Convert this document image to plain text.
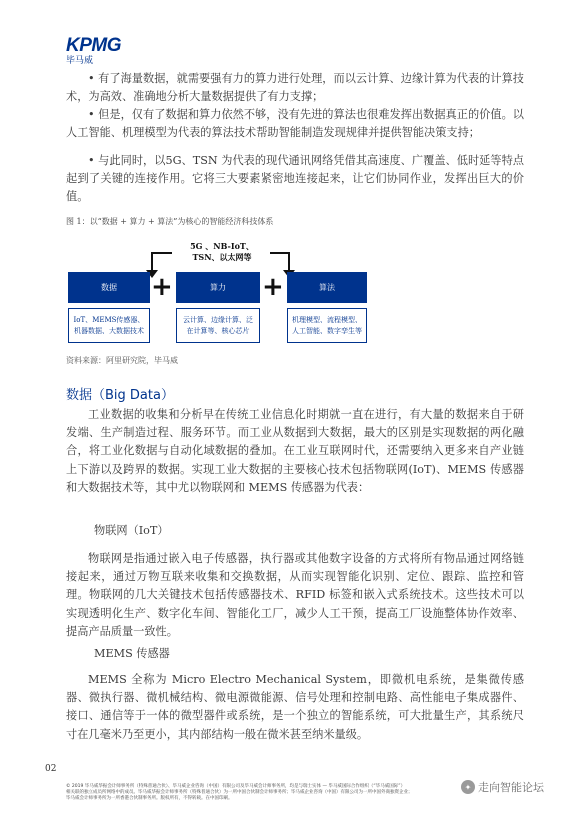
KPMG
毕马威
• 有了海量数据，就需要强有力的算力进行处理，而以云计算、边缘计算为代表的计算技术，为高效、准确地分析大量数据提供了有力支撑；
• 但是，仅有了数据和算力依然不够，没有先进的算法也很难发挥出数据真正的价值。以人工智能、机理模型为代表的算法技术帮助智能制造发现规律并提供智能决策支持；
• 与此同时，以5G、TSN 为代表的现代通讯网络凭借其高速度、广覆盖、低时延等特点起到了关键的连接作用。它将三大要素紧密地连接起来，让它们协同作业，发挥出巨大的价值。
图 1：以“数据 + 算力 + 算法”为核心的智能经济科技体系
5G 、NB-IoT、
TSN、以太网等
数据	算力	算法
+	+
IoT、MEMS传感器、
机器数据、大数据技术
云计算、边缘计算、泛
在计算等、核心芯片
机理模型、流程模型、
人工智能、数字孪生等
资料来源：阿里研究院，毕马威
数据（Big Data）
工业数据的收集和分析早在传统工业信息化时期就一直在进行，有大量的数据来自于研发端、生产制造过程、服务环节。而工业从数据到大数据，最大的区别是实现数据的两化融合，将工业化数据与自动化域数据的叠加。在工业互联网时代，还需要纳入更多来自产业链上下游以及跨界的数据。实现工业大数据的主要核心技术包括物联网(IoT)、MEMS 传感器和大数据技术等，其中尤以物联网和 MEMS 传感器为代表：
物联网（IoT）
物联网是指通过嵌入电子传感器，执行器或其他数字设备的方式将所有物品通过网络链接起来，通过万物互联来收集和交换数据，从而实现智能化识别、定位、跟踪、监控和管理。物联网的几大关键技术包括传感器技术、RFID 标签和嵌入式系统技术。这些技术可以实现透明化生产、数字化车间、智能化工厂，减少人工干预，提高工厂设施整体协作效率、提高产品质量一致性。
MEMS 传感器
MEMS 全称为 Micro Electro Mechanical System，即微机电系统，是集微传感器、微执行器、微机械结构、微电源微能源、信号处理和控制电路、高性能电子集成器件、接口、通信等于一体的微型器件或系统，是一个独立的智能系统，可大批量生产，其系统尺寸在几毫米乃至更小，其内部结构一般在微米甚至纳米量级。
02
© 2019 毕马威华振会计师事务所（特殊普通合伙）、毕马威企业咨询（中国）有限公司及毕马威会计师事务所，均是与瑞士实体 — 毕马威国际合作组织（“毕马威国际”）
相关联的独立成员所网络中的成员。毕马威华振会计师事务所（特殊普通合伙）为一所中国合伙制会计师事务所；毕马威企业咨询（中国）有限公司为一所中国外商独资企业；
毕马威会计师事务所为一所香港合伙制事务所。版权所有，不得转载。在中国印刷。
✦ 走向智能论坛
